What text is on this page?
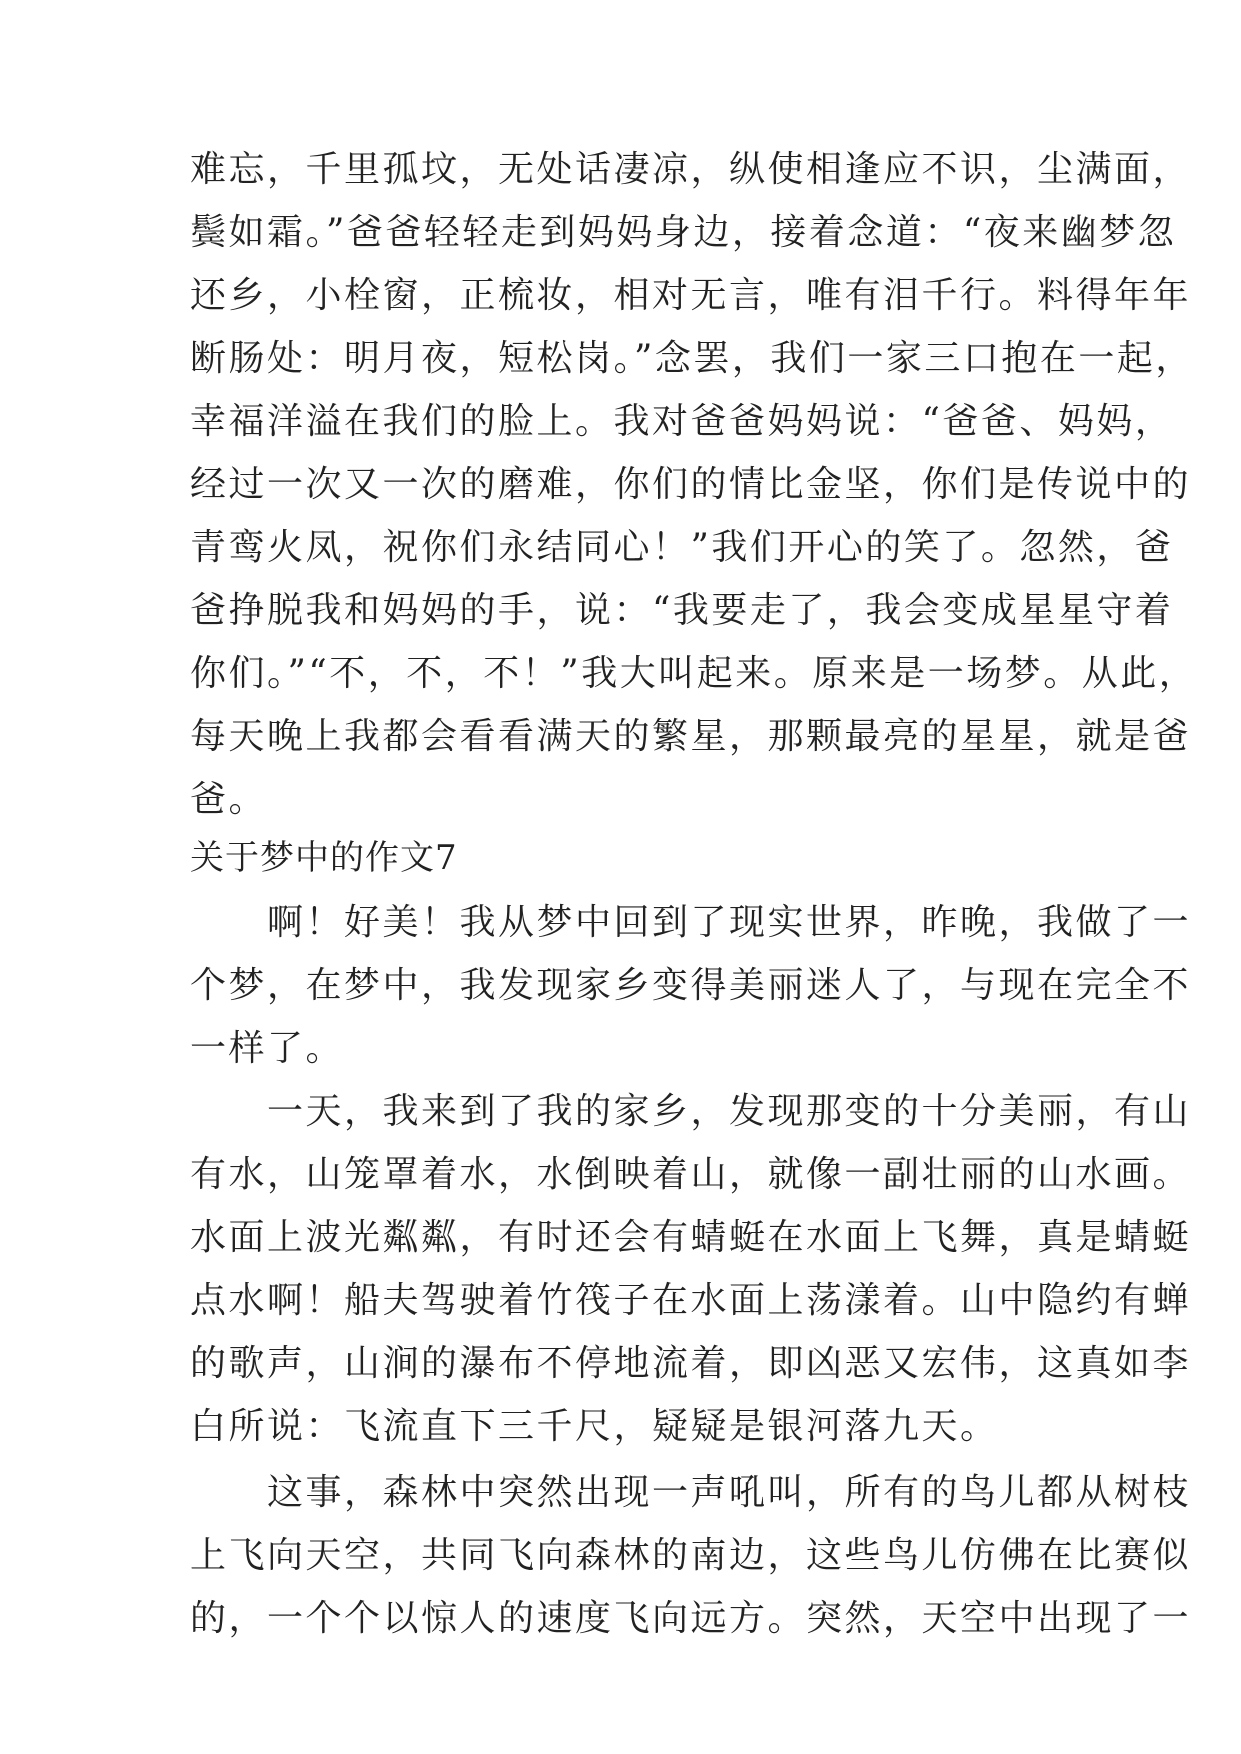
难忘，千里孤坟，无处话凄凉，纵使相逢应不识，尘满面，
鬓如霜。”爸爸轻轻走到妈妈身边，接着念道：“夜来幽梦忽
还乡，小栓窗，正梳妆，相对无言，唯有泪千行。料得年年
断肠处：明月夜，短松岗。”念罢，我们一家三口抱在一起，
幸福洋溢在我们的脸上。我对爸爸妈妈说：“爸爸、妈妈，
经过一次又一次的磨难，你们的情比金坚，你们是传说中的
青鸾火凤，祝你们永结同心！”我们开心的笑了。忽然，爸
爸挣脱我和妈妈的手，说：“我要走了，我会变成星星守着
你们。”“不，不，不！”我大叫起来。原来是一场梦。从此，
每天晚上我都会看看满天的繁星，那颗最亮的星星，就是爸
爸。
关于梦中的作文7
　　啊！好美！我从梦中回到了现实世界，昨晚，我做了一
个梦，在梦中，我发现家乡变得美丽迷人了，与现在完全不
一样了。
　　一天，我来到了我的家乡，发现那变的十分美丽，有山
有水，山笼罩着水，水倒映着山，就像一副壮丽的山水画。
水面上波光粼粼，有时还会有蜻蜓在水面上飞舞，真是蜻蜓
点水啊！船夫驾驶着竹筏子在水面上荡漾着。山中隐约有蝉
的歌声，山涧的瀑布不停地流着，即凶恶又宏伟，这真如李
白所说：飞流直下三千尺，疑疑是银河落九天。
　　这事，森林中突然出现一声吼叫，所有的鸟儿都从树枝
上飞向天空，共同飞向森林的南边，这些鸟儿仿佛在比赛似
的，一个个以惊人的速度飞向远方。突然，天空中出现了一
